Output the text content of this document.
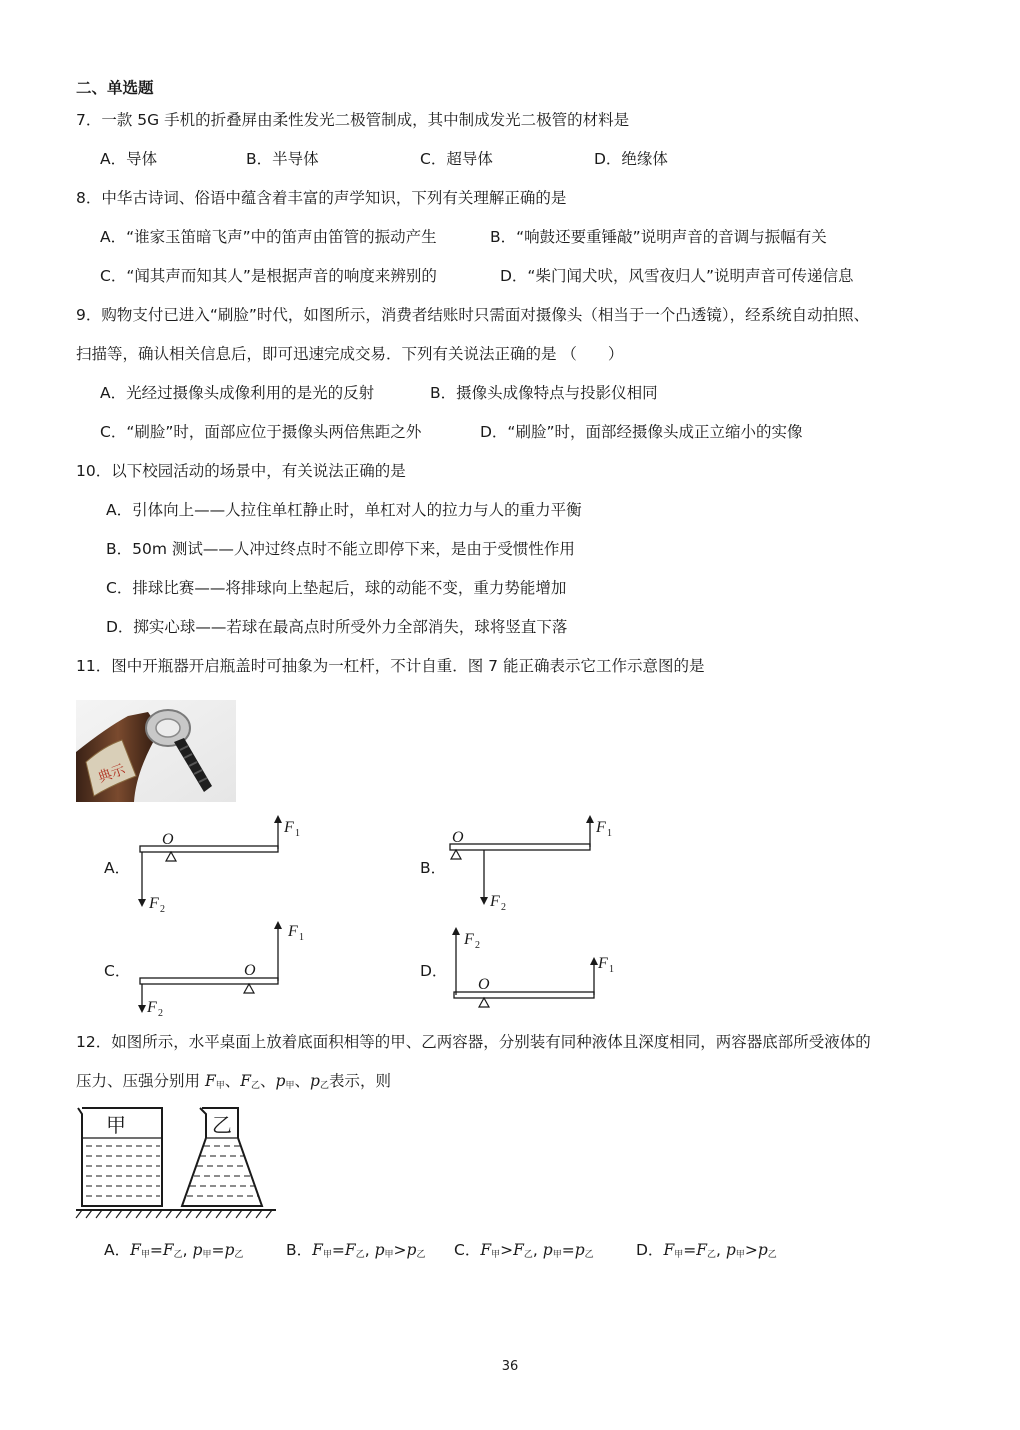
二、单选题
7．一款 5G 手机的折叠屏由柔性发光二极管制成，其中制成发光二极管的材料是
A．导体	B．半导体	C．超导体	D．绝缘体
8．中华古诗词、俗语中蕴含着丰富的声学知识，下列有关理解正确的是
A．“谁家玉笛暗飞声”中的笛声由笛管的振动产生	B．“响鼓还要重锤敲”说明声音的音调与振幅有关
C．“闻其声而知其人”是根据声音的响度来辨别的	D．“柴门闻犬吠，风雪夜归人”说明声音可传递信息
9．购物支付已进入“刷脸”时代，如图所示，消费者结账时只需面对摄像头（相当于一个凸透镜），经系统自动拍照、
扫描等，确认相关信息后，即可迅速完成交易．下列有关说法正确的是 （　　）
A．光经过摄像头成像利用的是光的反射	B．摄像头成像特点与投影仪相同
C．“刷脸”时，面部应位于摄像头两倍焦距之外	D．“刷脸”时，面部经摄像头成正立缩小的实像
10．以下校园活动的场景中，有关说法正确的是
A．引体向上——人拉住单杠静止时，单杠对人的拉力与人的重力平衡
B．50m 测试——人冲过终点时不能立即停下来，是由于受惯性作用
C．排球比赛——将排球向上垫起后，球的动能不变，重力势能增加
D．掷实心球——若球在最高点时所受外力全部消失，球将竖直下落
11．图中开瓶器开启瓶盖时可抽象为一杠杆，不计自重．图 7 能正确表示它工作示意图的是
典示
A．
O
F 1
F 2
B．
O
F 1
F 2
C．	O
F 1
F 2
D．
O
F 1
F 2
12．如图所示，水平桌面上放着底面积相等的甲、乙两容器，分别装有同种液体且深度相同，两容器底部所受液体的
压力、压强分别用 $F_甲$、$F_乙$、$p_甲$、$p_乙$表示，则
甲	乙
A．$F_甲=F_乙$, $p_甲=p_乙$	B．$F_甲=F_乙$, $p_甲>p_乙$ C．$F_甲>F_乙$, $p_甲=p_乙$	D．$F_甲=F_乙$, $p_甲>p_乙$
36
